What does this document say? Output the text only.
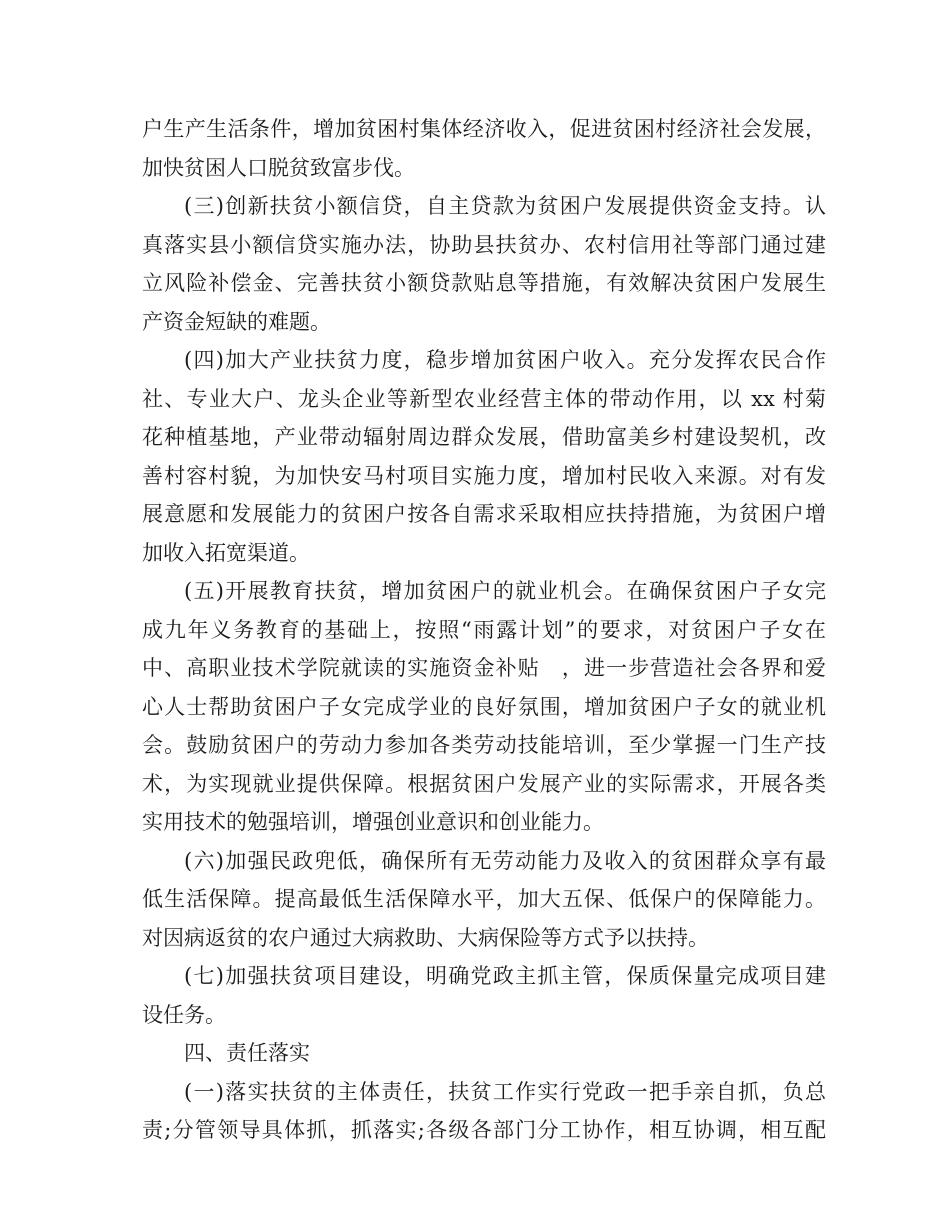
户生产生活条件，增加贫困村集体经济收入，促进贫困村经济社会发展，
加快贫困人口脱贫致富步伐。
(三)创新扶贫小额信贷，自主贷款为贫困户发展提供资金支持。认
真落实县小额信贷实施办法，协助县扶贫办、农村信用社等部门通过建
立风险补偿金、完善扶贫小额贷款贴息等措施，有效解决贫困户发展生
产资金短缺的难题。
(四)加大产业扶贫力度，稳步增加贫困户收入。充分发挥农民合作
社、专业大户、龙头企业等新型农业经营主体的带动作用，以 xx 村菊
花种植基地，产业带动辐射周边群众发展，借助富美乡村建设契机，改
善村容村貌，为加快安马村项目实施力度，增加村民收入来源。对有发
展意愿和发展能力的贫困户按各自需求采取相应扶持措施，为贫困户增
加收入拓宽渠道。
(五)开展教育扶贫，增加贫困户的就业机会。在确保贫困户子女完
成九年义务教育的基础上，按照“雨露计划”的要求，对贫困户子女在
中、高职业技术学院就读的实施资金补贴　，进一步营造社会各界和爱
心人士帮助贫困户子女完成学业的良好氛围，增加贫困户子女的就业机
会。鼓励贫困户的劳动力参加各类劳动技能培训，至少掌握一门生产技
术，为实现就业提供保障。根据贫困户发展产业的实际需求，开展各类
实用技术的勉强培训，增强创业意识和创业能力。
(六)加强民政兜低，确保所有无劳动能力及收入的贫困群众享有最
低生活保障。提高最低生活保障水平，加大五保、低保户的保障能力。
对因病返贫的农户通过大病救助、大病保险等方式予以扶持。
(七)加强扶贫项目建设，明确党政主抓主管，保质保量完成项目建
设任务。
四、责任落实
(一)落实扶贫的主体责任，扶贫工作实行党政一把手亲自抓，负总
责;分管领导具体抓，抓落实;各级各部门分工协作，相互协调，相互配
